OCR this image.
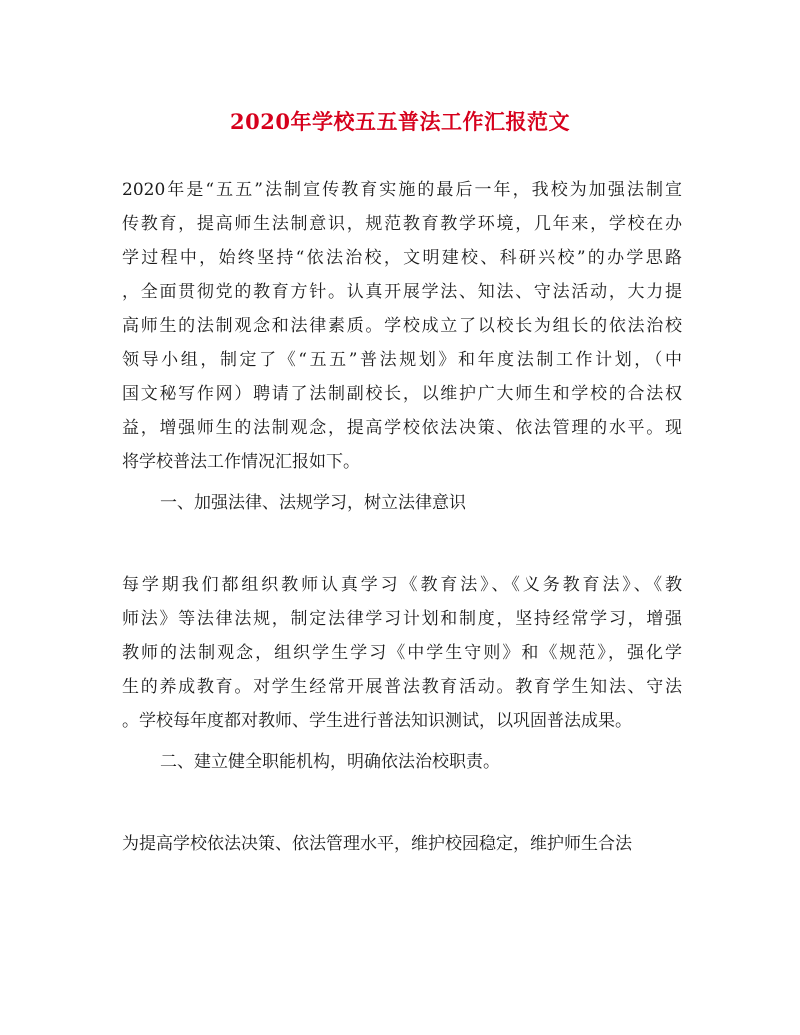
2020年学校五五普法工作汇报范文
2020年是“五五”法制宣传教育实施的最后一年，我校为加强法制宣
传教育，提高师生法制意识，规范教育教学环境，几年来，学校在办
学过程中，始终坚持“依法治校，文明建校、科研兴校”的办学思路
，全面贯彻党的教育方针。认真开展学法、知法、守法活动，大力提
高师生的法制观念和法律素质。学校成立了以校长为组长的依法治校
领导小组，制定了《“五五”普法规划》和年度法制工作计划，（中
国文秘写作网）聘请了法制副校长，以维护广大师生和学校的合法权
益，增强师生的法制观念，提高学校依法决策、依法管理的水平。现
将学校普法工作情况汇报如下。
一、加强法律、法规学习，树立法律意识
每学期我们都组织教师认真学习《教育法》、《义务教育法》、《教
师法》等法律法规，制定法律学习计划和制度，坚持经常学习，增强
教师的法制观念，组织学生学习《中学生守则》和《规范》，强化学
生的养成教育。对学生经常开展普法教育活动。教育学生知法、守法
。学校每年度都对教师、学生进行普法知识测试，以巩固普法成果。
二、建立健全职能机构，明确依法治校职责。
为提高学校依法决策、依法管理水平，维护校园稳定，维护师生合法
